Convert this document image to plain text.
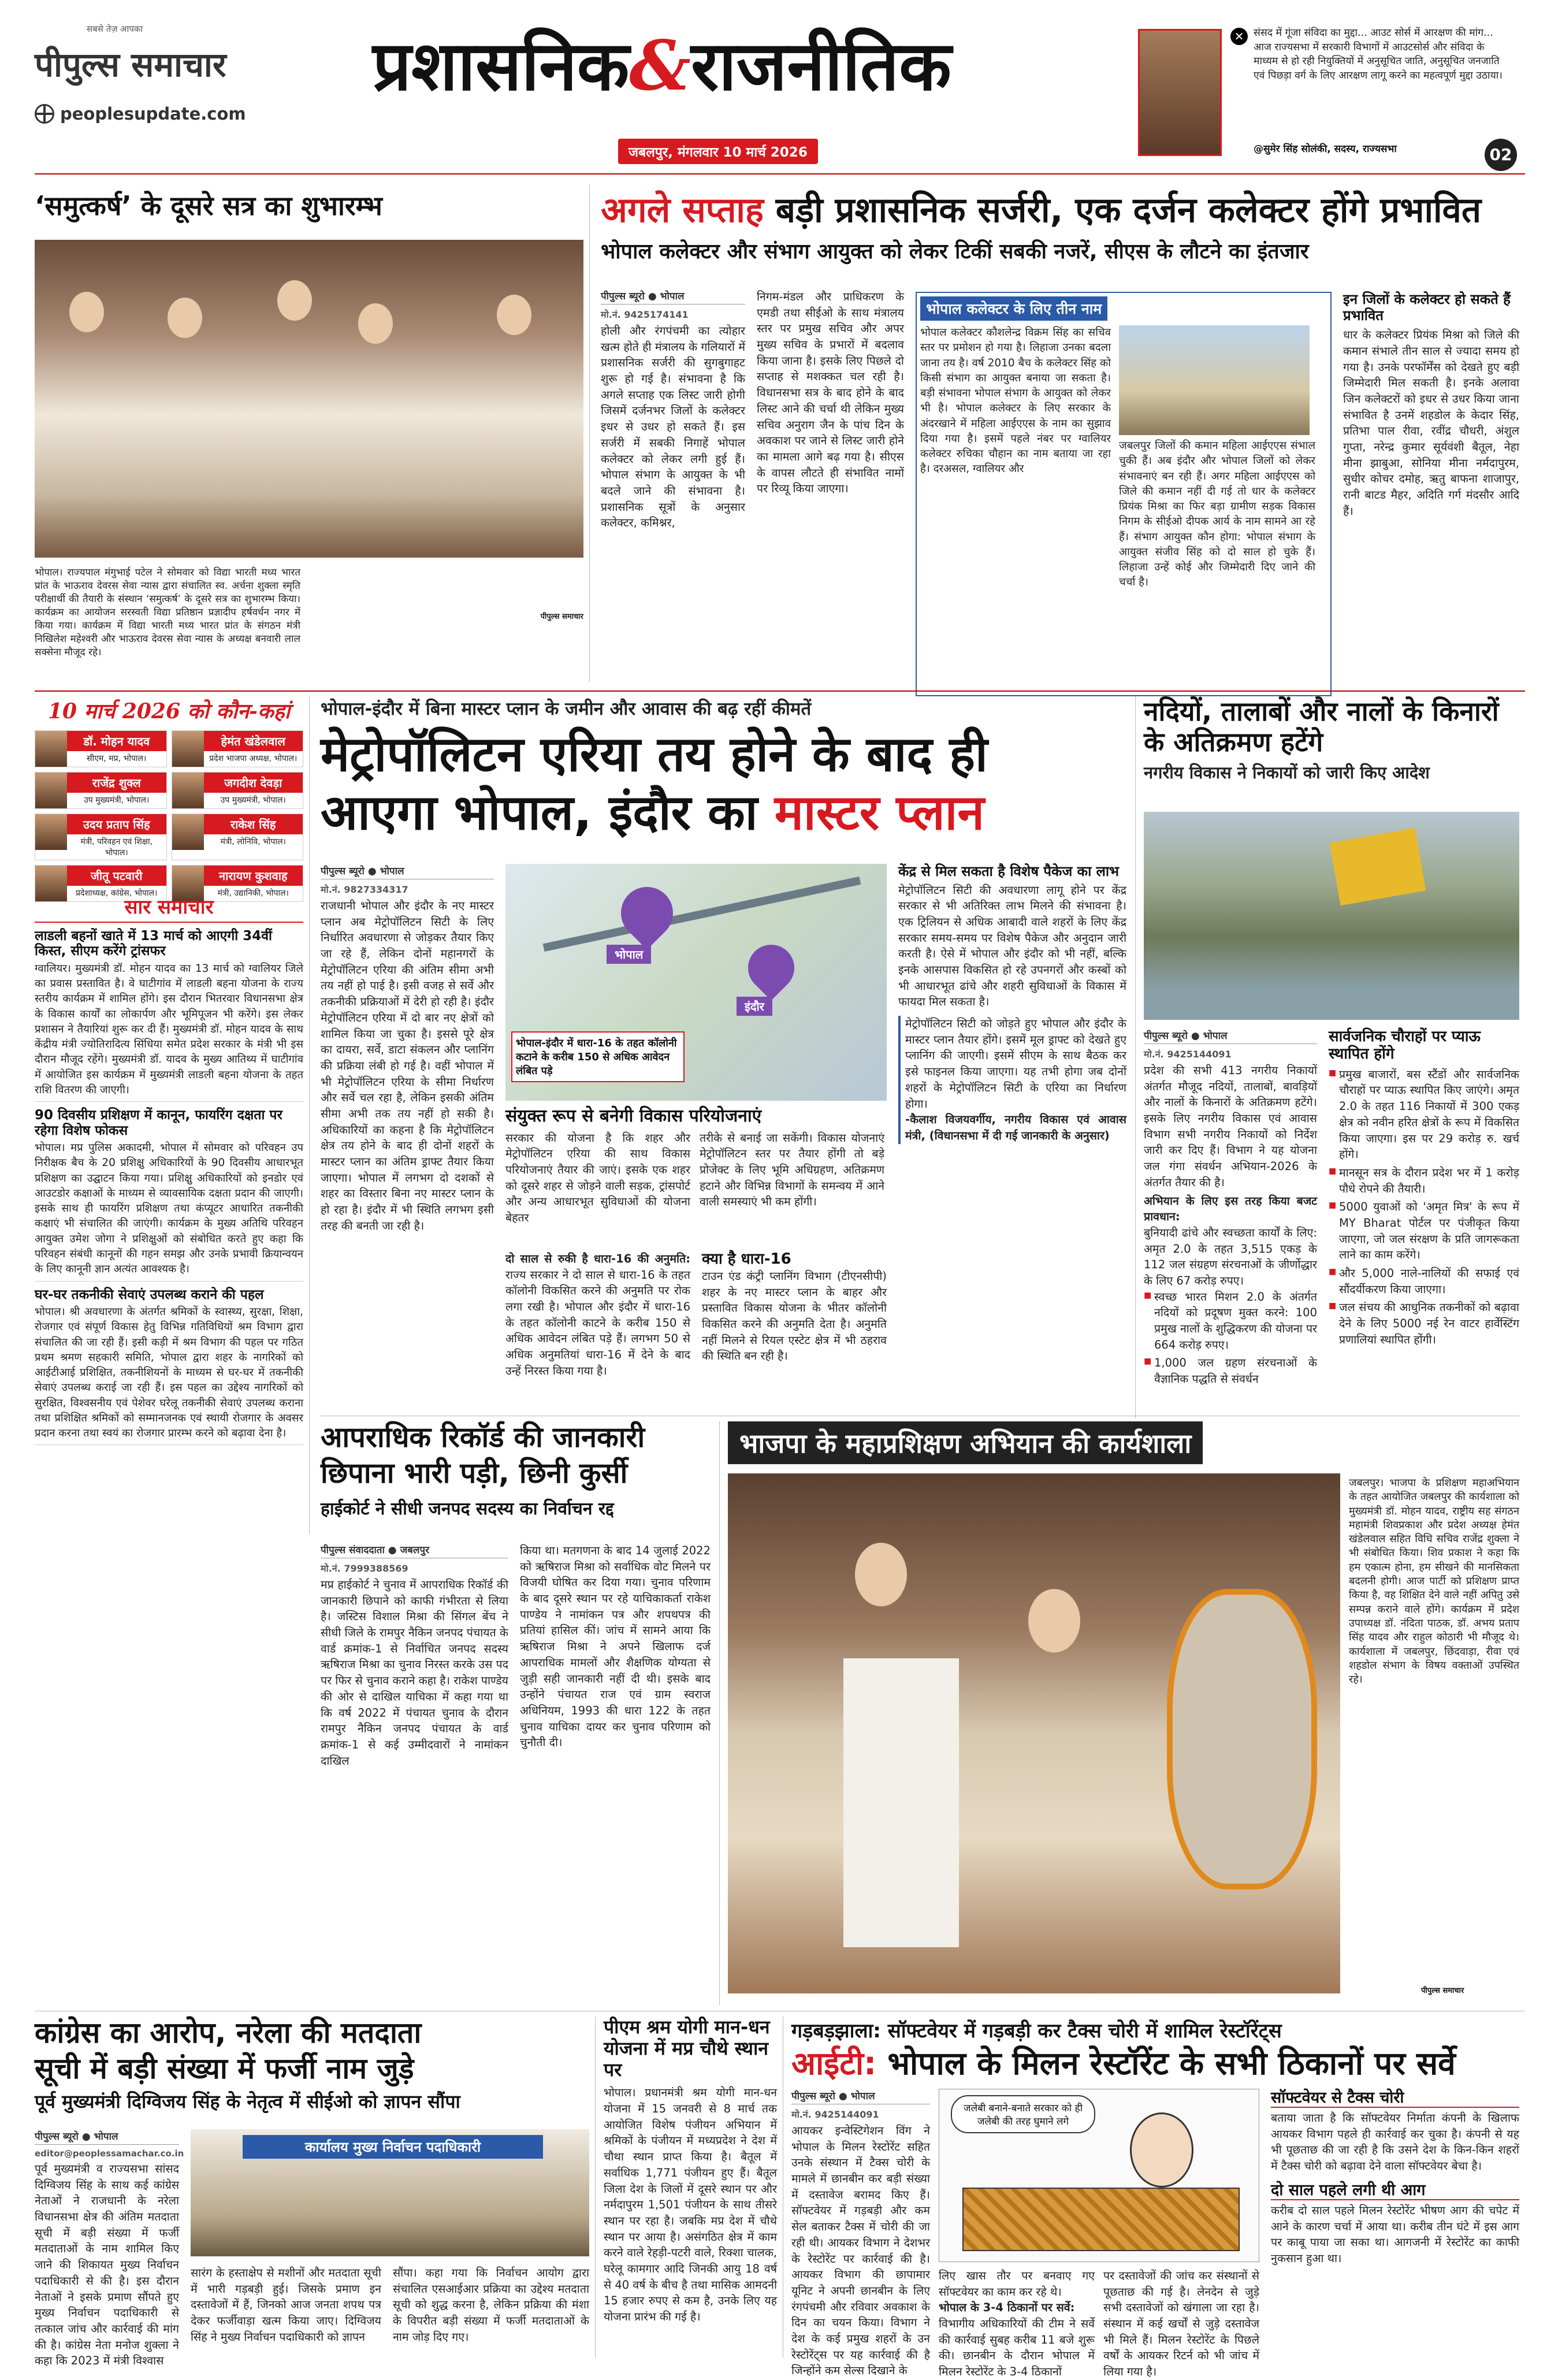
सबसे तेज़ आपका
पीपुल्स समाचार
peoplesupdate.com
प्रशासनिक&राजनीतिक
जबलपुर, मंगलवार 10 मार्च 2026
✕ संसद में गूंजा संविदा का मुद्दा... आउट सोर्स में आरक्षण की मांग... आज राज्यसभा में सरकारी विभागों में आउटसोर्स और संविदा के माध्यम से हो रही नियुक्तियों में अनुसूचित जाति, अनुसूचित जनजाति एवं पिछड़ा वर्ग के लिए आरक्षण लागू करने का महत्वपूर्ण मुद्दा उठाया।
@सुमेर सिंह सोलंकी, सदस्य, राज्यसभा	02
‘समुत्कर्ष’ के दूसरे सत्र का शुभारम्भ
भोपाल। राज्यपाल मंगुभाई पटेल ने सोमवार को विद्या भारती मध्य भारत प्रांत के भाऊराव देवरस सेवा न्यास द्वारा संचालित स्व. अर्चना शुक्ला स्मृति परीक्षार्थी की तैयारी के संस्थान ‘समुत्कर्ष’ के दूसरे सत्र का शुभारम्भ किया। कार्यक्रम का आयोजन सरस्वती विद्या प्रतिष्ठान प्रज्ञादीप हर्षवर्धन नगर में किया गया। कार्यक्रम में विद्या भारती मध्य भारत प्रांत के संगठन मंत्री निखिलेश महेश्वरी और भाऊराव देवरस सेवा न्यास के अध्यक्ष बनवारी लाल सक्सेना मौजूद रहे।
पीपुल्स समाचार
अगले सप्ताह बड़ी प्रशासनिक सर्जरी, एक दर्जन कलेक्टर होंगे प्रभावित
भोपाल कलेक्टर और संभाग आयुक्त को लेकर टिकीं सबकी नजरें, सीएस के लौटने का इंतजार
पीपुल्स ब्यूरो ● भोपाल
मो.नं. 9425174141
होली और रंगपंचमी का त्योहार खत्म होते ही मंत्रालय के गलियारों में प्रशासनिक सर्जरी की सुगबुगाहट शुरू हो गई है। संभावना है कि अगले सप्ताह एक लिस्ट जारी होगी जिसमें दर्जनभर जिलों के कलेक्टर इधर से उधर हो सकते हैं। इस सर्जरी में सबकी निगाहें भोपाल कलेक्टर को लेकर लगी हुई हैं। भोपाल संभाग के आयुक्त के भी बदले जाने की संभावना है। प्रशासनिक सूत्रों के अनुसार कलेक्टर, कमिश्नर,
निगम-मंडल और प्राधिकरण के एमडी तथा सीईओ के साथ मंत्रालय स्तर पर प्रमुख सचिव और अपर मुख्य सचिव के प्रभारों में बदलाव किया जाना है। इसके लिए पिछले दो सप्ताह से मशक्कत चल रही है। विधानसभा सत्र के बाद होने के बाद लिस्ट आने की चर्चा थी लेकिन मुख्य सचिव अनुराग जैन के पांच दिन के अवकाश पर जाने से लिस्ट जारी होने का मामला आगे बढ़ गया है। सीएस के वापस लौटते ही संभावित नामों पर रिव्यू किया जाएगा।
भोपाल कलेक्टर के लिए तीन नाम
भोपाल कलेक्टर कौशलेन्द्र विक्रम सिंह का सचिव स्तर पर प्रमोशन हो गया है। लिहाजा उनका बदला जाना तय है। वर्ष 2010 बैच के कलेक्टर सिंह को किसी संभाग का आयुक्त बनाया जा सकता है। बड़ी संभावना भोपाल संभाग के आयुक्त को लेकर भी है। भोपाल कलेक्टर के लिए सरकार के अंदरखाने में महिला आईएएस के नाम का सुझाव दिया गया है। इसमें पहले नंबर पर ग्वालियर कलेक्टर रुचिका चौहान का नाम बताया जा रहा है। दरअसल, ग्वालियर और
जबलपुर जिलों की कमान महिला आईएएस संभाल चुकी हैं। अब इंदौर और भोपाल जिलों को लेकर संभावनाएं बन रही हैं। अगर महिला आईएएस को जिले की कमान नहीं दी गई तो धार के कलेक्टर प्रियंक मिश्रा का फिर बड़ा ग्रामीण सड़क विकास निगम के सीईओ दीपक आर्य के नाम सामने आ रहे हैं। संभाग आयुक्त कौन होगा: भोपाल संभाग के आयुक्त संजीव सिंह को दो साल हो चुके हैं। लिहाजा उन्हें कोई और जिम्मेदारी दिए जाने की चर्चा है।
इन जिलों के कलेक्टर हो सकते हैं प्रभावित
धार के कलेक्टर प्रियंक मिश्रा को जिले की कमान संभाले तीन साल से ज्यादा समय हो गया है। उनके परफॉर्मेंस को देखते हुए बड़ी जिम्मेदारी मिल सकती है। इनके अलावा जिन कलेक्टरों को इधर से उधर किया जाना संभावित है उनमें शहडोल के केदार सिंह, प्रतिभा पाल रीवा, रवींद्र चौधरी, अंशुल गुप्ता, नरेन्द्र कुमार सूर्यवंशी बैतूल, नेहा मीना झाबुआ, सोनिया मीना नर्मदापुरम, सुधीर कोचर दमोह, ऋतु बाफना शाजापुर, रानी बाटड मैहर, अदिति गर्ग मंदसौर आदि हैं।
10 मार्च 2026 को कौन-कहां
डॉ. मोहन यादव
सीएम, मप्र, भोपाल।
हेमंत खंडेलवाल
प्रदेश भाजपा अध्यक्ष, भोपाल।
राजेंद्र शुक्ल
उप मुख्यमंत्री, भोपाल।
जगदीश देवड़ा
उप मुख्यमंत्री, भोपाल।
उदय प्रताप सिंह
मंत्री, परिवहन एवं शिक्षा, भोपाल।
राकेश सिंह
मंत्री, लोनिवि, भोपाल।
जीतू पटवारी
प्रदेशाध्यक्ष, कांग्रेस, भोपाल।
नारायण कुशवाह
मंत्री, उद्यानिकी, भोपाल।
सार समाचार
लाडली बहनों खाते में 13 मार्च को आएगी 34वीं किस्त, सीएम करेंगे ट्रांसफर
ग्वालियर। मुख्यमंत्री डॉ. मोहन यादव का 13 मार्च को ग्वालियर जिले का प्रवास प्रस्तावित है। वे घाटीगांव में लाडली बहना योजना के राज्य स्तरीय कार्यक्रम में शामिल होंगे। इस दौरान भितरवार विधानसभा क्षेत्र के विकास कार्यों का लोकार्पण और भूमिपूजन भी करेंगे। इस लेकर प्रशासन ने तैयारियां शुरू कर दी हैं। मुख्यमंत्री डॉ. मोहन यादव के साथ केंद्रीय मंत्री ज्योतिरादित्य सिंधिया समेत प्रदेश सरकार के मंत्री भी इस दौरान मौजूद रहेंगे। मुख्यमंत्री डॉ. यादव के मुख्य आतिथ्य में घाटीगांव में आयोजित इस कार्यक्रम में मुख्यमंत्री लाडली बहना योजना के तहत राशि वितरण की जाएगी।
90 दिवसीय प्रशिक्षण में कानून, फायरिंग दक्षता पर रहेगा विशेष फोकस
भोपाल। मप्र पुलिस अकादमी, भोपाल में सोमवार को परिवहन उप निरीक्षक बैच के 20 प्रशिक्षु अधिकारियों के 90 दिवसीय आधारभूत प्रशिक्षण का उद्घाटन किया गया। प्रशिक्षु अधिकारियों को इनडोर एवं आउटडोर कक्षाओं के माध्यम से व्यावसायिक दक्षता प्रदान की जाएगी। इसके साथ ही फायरिंग प्रशिक्षण तथा कंप्यूटर आधारित तकनीकी कक्षाएं भी संचालित की जाएंगी। कार्यक्रम के मुख्य अतिथि परिवहन आयुक्त उमेश जोगा ने प्रशिक्षुओं को संबोधित करते हुए कहा कि परिवहन संबंधी कानूनों की गहन समझ और उनके प्रभावी क्रियान्वयन के लिए कानूनी ज्ञान अत्यंत आवश्यक है।
घर-घर तकनीकी सेवाएं उपलब्ध कराने की पहल
भोपाल। श्री अवधारणा के अंतर्गत श्रमिकों के स्वास्थ्य, सुरक्षा, शिक्षा, रोजगार एवं संपूर्ण विकास हेतु विभिन्न गतिविधियों श्रम विभाग द्वारा संचालित की जा रही हैं। इसी कड़ी में श्रम विभाग की पहल पर गठित प्रथम श्रमण सहकारी समिति, भोपाल द्वारा शहर के नागरिकों को आईटीआई प्रशिक्षित, तकनीशियनों के माध्यम से घर-घर में तकनीकी सेवाएं उपलब्ध कराई जा रही हैं। इस पहल का उद्देश्य नागरिकों को सुरक्षित, विश्वसनीय एवं पेशेवर घरेलू तकनीकी सेवाएं उपलब्ध कराना तथा प्रशिक्षित श्रमिकों को सम्मानजनक एवं स्थायी रोजगार के अवसर प्रदान करना तथा स्वयं का रोजगार प्रारम्भ करने को बढ़ावा देना है।
भोपाल-इंदौर में बिना मास्टर प्लान के जमीन और आवास की बढ़ रहीं कीमतें
मेट्रोपॉलिटन एरिया तय होने के बाद ही
आएगा भोपाल, इंदौर का मास्टर प्लान
पीपुल्स ब्यूरो ● भोपाल
मो.नं. 9827334317
राजधानी भोपाल और इंदौर के नए मास्टर प्लान अब मेट्रोपॉलिटन सिटी के लिए निर्धारित अवधारणा से जोड़कर तैयार किए जा रहे हैं, लेकिन दोनों महानगरों के मेट्रोपॉलिटन एरिया की अंतिम सीमा अभी तय नहीं हो पाई है। इसी वजह से सर्वे और तकनीकी प्रक्रियाओं में देरी हो रही है। इंदौर मेट्रोपॉलिटन एरिया में दो बार नए क्षेत्रों को शामिल किया जा चुका है। इससे पूरे क्षेत्र का दायरा, सर्वे, डाटा संकलन और प्लानिंग की प्रक्रिया लंबी हो गई है। वहीं भोपाल में भी मेट्रोपॉलिटन एरिया के सीमा निर्धारण और सर्वे चल रहा है, लेकिन इसकी अंतिम सीमा अभी तक तय नहीं हो सकी है। अधिकारियों का कहना है कि मेट्रोपॉलिटन क्षेत्र तय होने के बाद ही दोनों शहरों के मास्टर प्लान का अंतिम ड्राफ्ट तैयार किया जाएगा। भोपाल में लगभग दो दशकों से शहर का विस्तार बिना नए मास्टर प्लान के हो रहा है। इंदौर में भी स्थिति लगभग इसी तरह की बनती जा रही है।
भोपाल
इंदौर
भोपाल-इंदौर में धारा-16 के तहत कॉलोनी कटाने के करीब 150 से अधिक आवेदन लंबित पड़े
संयुक्त रूप से बनेगी विकास परियोजनाएं
सरकार की योजना है कि शहर और मेट्रोपॉलिटन एरिया की साथ विकास परियोजनाएं तैयार की जाएं। इसके एक शहर को दूसरे शहर से जोड़ने वाली सड़क, ट्रांसपोर्ट और अन्य आधारभूत सुविधाओं की योजना बेहतर
तरीके से बनाई जा सकेंगी। विकास योजनाएं मेट्रोपॉलिटन स्तर पर तैयार होंगी तो बड़े प्रोजेक्ट के लिए भूमि अधिग्रहण, अतिक्रमण हटाने और विभिन्न विभागों के समन्वय में आने वाली समस्याएं भी कम होंगी।
दो साल से रुकी है धारा-16 की अनुमति: राज्य सरकार ने दो साल से धारा-16 के तहत कॉलोनी विकसित करने की अनुमति पर रोक लगा रखी है। भोपाल और इंदौर में धारा-16 के तहत कॉलोनी काटने के करीब 150 से अधिक आवेदन लंबित पड़े हैं। लगभग 50 से अधिक अनुमतियां धारा-16 में देने के बाद उन्हें निरस्त किया गया है।
क्या है धारा-16
टाउन एंड कंट्री प्लानिंग विभाग (टीएनसीपी) शहर के नए मास्टर प्लान के बाहर और प्रस्तावित विकास योजना के भीतर कॉलोनी विकसित करने की अनुमति देता है। अनुमति नहीं मिलने से रियल एस्टेट क्षेत्र में भी ठहराव की स्थिति बन रही है।
केंद्र से मिल सकता है विशेष पैकेज का लाभ
मेट्रोपॉलिटन सिटी की अवधारणा लागू होने पर केंद्र सरकार से भी अतिरिक्त लाभ मिलने की संभावना है। एक ट्रिलियन से अधिक आबादी वाले शहरों के लिए केंद्र सरकार समय-समय पर विशेष पैकेज और अनुदान जारी करती है। ऐसे में भोपाल और इंदौर को भी नहीं, बल्कि इनके आसपास विकसित हो रहे उपनगरों और कस्बों को भी आधारभूत ढांचे और शहरी सुविधाओं के विकास में फायदा मिल सकता है।
मेट्रोपॉलिटन सिटी को जोड़ते हुए भोपाल और इंदौर के मास्टर प्लान तैयार होंगे। इसमें मूल ड्राफ्ट को देखते हुए प्लानिंग की जाएगी। इसमें सीएम के साथ बैठक कर इसे फाइनल किया जाएगा। यह तभी होगा जब दोनों शहरों के मेट्रोपॉलिटन सिटी के एरिया का निर्धारण होगा।
-कैलाश विजयवर्गीय, नगरीय विकास एवं आवास मंत्री, (विधानसभा में दी गई जानकारी के अनुसार)
नदियों, तालाबों और नालों के किनारों के अतिक्रमण हटेंगे
नगरीय विकास ने निकायों को जारी किए आदेश
पीपुल्स ब्यूरो ● भोपाल
मो.नं. 9425144091
प्रदेश की सभी 413 नगरीय निकायों अंतर्गत मौजूद नदियों, तालाबों, बावड़ियों और नालों के किनारों के अतिक्रमण हटेंगे। इसके लिए नगरीय विकास एवं आवास विभाग सभी नगरीय निकायों को निर्देश जारी कर दिए हैं। विभाग ने यह योजना जल गंगा संवर्धन अभियान-2026 के अंतर्गत तैयार की है।
अभियान के लिए इस तरह किया बजट प्रावधान:
बुनियादी ढांचे और स्वच्छता कार्यों के लिए: अमृत 2.0 के तहत 3,515 एकड़ के 112 जल संग्रहण संरचनाओं के जीर्णोद्धार के लिए 67 करोड़ रुपए।
■ स्वच्छ भारत मिशन 2.0 के अंतर्गत नदियों को प्रदूषण मुक्त करने: 100 प्रमुख नालों के शुद्धिकरण की योजना पर 664 करोड़ रुपए।
■ 1,000 जल ग्रहण संरचनाओं के वैज्ञानिक पद्धति से संवर्धन
सार्वजनिक चौराहों पर प्याऊ स्थापित होंगे
■ प्रमुख बाजारों, बस स्टैंडों और सार्वजनिक चौराहों पर प्याऊ स्थापित किए जाएंगे। अमृत 2.0 के तहत 116 निकायों में 300 एकड़ क्षेत्र को नवीन हरित क्षेत्रों के रूप में विकसित किया जाएगा। इस पर 29 करोड़ रु. खर्च होंगे।
■ मानसून सत्र के दौरान प्रदेश भर में 1 करोड़ पौधे रोपने की तैयारी।
■ 5000 युवाओं को 'अमृत मित्र' के रूप में MY Bharat पोर्टल पर पंजीकृत किया जाएगा, जो जल संरक्षण के प्रति जागरूकता लाने का काम करेंगे।
■ और 5,000 नाले-नालियों की सफाई एवं सौंदर्यीकरण किया जाएगा।
■ जल संचय की आधुनिक तकनीकों को बढ़ावा देने के लिए 5000 नई रेन वाटर हार्वेस्टिंग प्रणालियां स्थापित होंगी।
आपराधिक रिकॉर्ड की जानकारी
छिपाना भारी पड़ी, छिनी कुर्सी
हाईकोर्ट ने सीधी जनपद सदस्य का निर्वाचन रद्द
पीपुल्स संवाददाता ● जबलपुर
मो.नं. 7999388569
मप्र हाईकोर्ट ने चुनाव में आपराधिक रिकॉर्ड की जानकारी छिपाने को काफी गंभीरता से लिया है। जस्टिस विशाल मिश्रा की सिंगल बेंच ने सीधी जिले के रामपुर नैकिन जनपद पंचायत के वार्ड क्रमांक-1 से निर्वाचित जनपद सदस्य ऋषिराज मिश्रा का चुनाव निरस्त करके उस पद पर फिर से चुनाव कराने कहा है। राकेश पाण्डेय की ओर से दाखिल याचिका में कहा गया था कि वर्ष 2022 में पंचायत चुनाव के दौरान रामपुर नैकिन जनपद पंचायत के वार्ड क्रमांक-1 से कई उम्मीदवारों ने नामांकन दाखिल
किया था। मतगणना के बाद 14 जुलाई 2022 को ऋषिराज मिश्रा को सर्वाधिक वोट मिलने पर विजयी घोषित कर दिया गया। चुनाव परिणाम के बाद दूसरे स्थान पर रहे याचिकाकर्ता राकेश पाण्डेय ने नामांकन पत्र और शपथपत्र की प्रतियां हासिल कीं। जांच में सामने आया कि ऋषिराज मिश्रा ने अपने खिलाफ दर्ज आपराधिक मामलों और शैक्षणिक योग्यता से जुड़ी सही जानकारी नहीं दी थी। इसके बाद उन्होंने पंचायत राज एवं ग्राम स्वराज अधिनियम, 1993 की धारा 122 के तहत चुनाव याचिका दायर कर चुनाव परिणाम को चुनौती दी।
भाजपा के महाप्रशिक्षण अभियान की कार्यशाला
जबलपुर। भाजपा के प्रशिक्षण महाअभियान के तहत आयोजित जबलपुर की कार्यशाला को मुख्यमंत्री डॉ. मोहन यादव, राष्ट्रीय सह संगठन महामंत्री शिवप्रकाश और प्रदेश अध्यक्ष हेमंत खंडेलवाल सहित विधि सचिव राजेंद्र शुक्ला ने भी संबोधित किया। शिव प्रकाश ने कहा कि हम एकात्म होना, हम सीखने की मानसिकता बदलनी होगी। आज पार्टी को प्रशिक्षण प्राप्त किया है, वह शिक्षित देने वाले नहीं अपितु उसे सम्पन्न कराने वाले होंगे। कार्यक्रम में प्रदेश उपाध्यक्ष डॉ. नंदिता पाठक, डॉ. अभय प्रताप सिंह यादव और राहुल कोठारी भी मौजूद थे। कार्यशाला में जबलपुर, छिंदवाड़ा, रीवा एवं शहडोल संभाग के विषय वक्ताओं उपस्थित रहे।
पीपुल्स समाचार
कांग्रेस का आरोप, नरेला की मतदाता
सूची में बड़ी संख्या में फर्जी नाम जुड़े
पूर्व मुख्यमंत्री दिग्विजय सिंह के नेतृत्व में सीईओ को ज्ञापन सौंपा
पीपुल्स ब्यूरो ● भोपाल
editor@peoplessamachar.co.in
पूर्व मुख्यमंत्री व राज्यसभा सांसद दिग्विजय सिंह के साथ कई कांग्रेस नेताओं ने राजधानी के नरेला विधानसभा क्षेत्र की अंतिम मतदाता सूची में बड़ी संख्या में फर्जी मतदाताओं के नाम शामिल किए जाने की शिकायत मुख्य निर्वाचन पदाधिकारी से की है। इस दौरान नेताओं ने इसके प्रमाण सौंपते हुए मुख्य निर्वाचन पदाधिकारी से तत्काल जांच और कार्रवाई की मांग की है। कांग्रेस नेता मनोज शुक्ला ने कहा कि 2023 में मंत्री विश्वास
कार्यालय मुख्य निर्वाचन पदाधिकारी
सारंग के हस्ताक्षेप से मशीनों और मतदाता सूची में भारी गड़बड़ी हुई। जिसके प्रमाण इन दस्तावेजों में हैं, जिनको आज जनता शपथ पत्र देकर फर्जीवाड़ा खत्म किया जाए। दिग्विजय सिंह ने मुख्य निर्वाचन पदाधिकारी को ज्ञापन
सौंपा। कहा गया कि निर्वाचन आयोग द्वारा संचालित एसआईआर प्रक्रिया का उद्देश्य मतदाता सूची को शुद्ध करना है, लेकिन प्रक्रिया की मंशा के विपरीत बड़ी संख्या में फर्जी मतदाताओं के नाम जोड़ दिए गए।
पीएम श्रम योगी मान-धन योजना में मप्र चौथे स्थान पर
भोपाल। प्रधानमंत्री श्रम योगी मान-धन योजना में 15 जनवरी से 8 मार्च तक आयोजित विशेष पंजीयन अभियान में श्रमिकों के पंजीयन में मध्यप्रदेश ने देश में चौथा स्थान प्राप्त किया है। बैतूल में सर्वाधिक 1,771 पंजीयन हुए हैं। बैतूल जिला देश के जिलों में दूसरे स्थान पर और नर्मदापुरम 1,501 पंजीयन के साथ तीसरे स्थान पर रहा है। जबकि मप्र देश में चौथे स्थान पर आया है। असंगठित क्षेत्र में काम करने वाले रेहड़ी-पटरी वाले, रिक्शा चालक, घरेलू कामगार आदि जिनकी आयु 18 वर्ष से 40 वर्ष के बीच है तथा मासिक आमदनी 15 हजार रुपए से कम है, उनके लिए यह योजना प्रारंभ की गई है।
गड़बड़झाला: सॉफ्टवेयर में गड़बड़ी कर टैक्स चोरी में शामिल रेस्टॉरेंट्स
आईटी: भोपाल के मिलन रेस्टॉरेंट के सभी ठिकानों पर सर्वे
पीपुल्स ब्यूरो ● भोपाल
मो.नं. 9425144091
आयकर इन्वेस्टिगेशन विंग ने भोपाल के मिलन रेस्टोरेंट सहित उनके संस्थान में टैक्स चोरी के मामले में छानबीन कर बड़ी संख्या में दस्तावेज बरामद किए हैं। सॉफ्टवेयर में गड़बड़ी और कम सेल बताकर टैक्स में चोरी की जा रही थी। आयकर विभाग ने देशभर के रेस्टोरेंट पर कार्रवाई की है। आयकर विभाग की छापामार यूनिट ने अपनी छानबीन के लिए रंगपंचमी और रविवार अवकाश के दिन का चयन किया। विभाग ने देश के कई प्रमुख शहरों के उन रेस्टोरेंट्स पर यह कार्रवाई की है जिन्होंने कम सेल्स दिखाने के
जलेबी बनाने-बनाते सरकार को ही जलेबी की तरह घुमाने लगे
लिए खास तौर पर बनवाए गए सॉफ्टवेयर का काम कर रहे थे।
भोपाल के 3-4 ठिकानों पर सर्वे:
विभागीय अधिकारियों की टीम ने सर्वे की कार्रवाई सुबह करीब 11 बजे शुरू की। छानबीन के दौरान भोपाल में मिलन रेस्टोरेंट के 3-4 ठिकानों
पर दस्तावेजों की जांच कर संस्थानों से पूछताछ की गई है। लेनदेन से जुड़े सभी दस्तावेजों को खंगाला जा रहा है। संस्थान में कई खर्चों से जुड़े दस्तावेज भी मिले हैं। मिलन रेस्टोरेंट के पिछले वर्षों के आयकर रिटर्न को भी जांच में लिया गया है।
सॉफ्टवेयर से टैक्स चोरी
बताया जाता है कि सॉफ्टवेयर निर्माता कंपनी के खिलाफ आयकर विभाग पहले ही कार्रवाई कर चुका है। कंपनी से यह भी पूछताछ की जा रही है कि उसने देश के किन-किन शहरों में टैक्स चोरी को बढ़ावा देने वाला सॉफ्टवेयर बेचा है।
दो साल पहले लगी थी आग
करीब दो साल पहले मिलन रेस्टोरेंट भीषण आग की चपेट में आने के कारण चर्चा में आया था। करीब तीन घंटे में इस आग पर काबू पाया जा सका था। आगजनी में रेस्टोरेंट का काफी नुकसान हुआ था।
